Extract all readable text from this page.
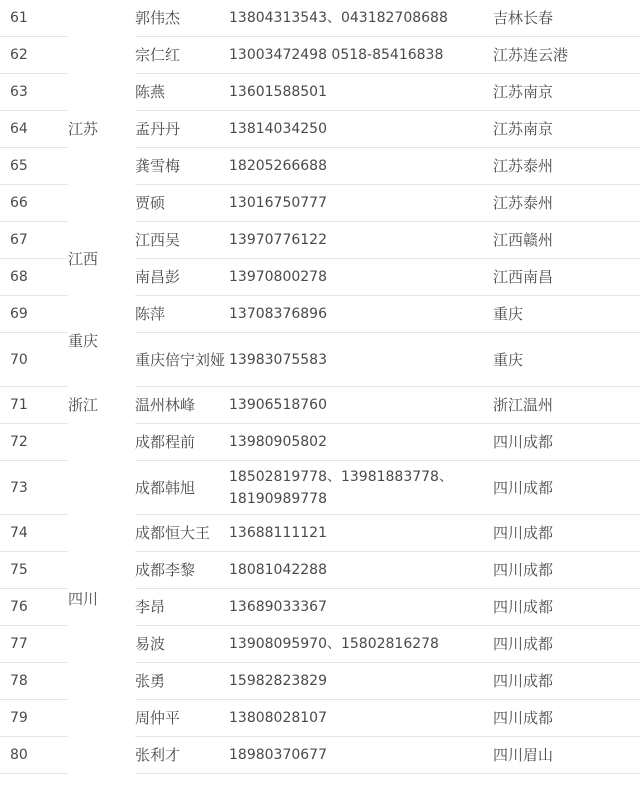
61		郭伟杰	13804313543、043182708688	吉林长春
62	江苏	宗仁红	13003472498 0518-85416838	江苏连云港
63		陈燕	13601588501	江苏南京
64		孟丹丹	13814034250	江苏南京
65		龚雪梅	18205266688	江苏泰州
66		贾硕	13016750777	江苏泰州
67	江西	江西吴	13970776122	江西赣州
68		南昌彭	13970800278	江西南昌
69	重庆	陈萍	13708376896	重庆
70		重庆倍宁刘娅	13983075583	重庆
71	浙江	温州林峰	13906518760	浙江温州
72	四川	成都程前	13980905802	四川成都
73		成都韩旭	18502819778、13981883778、18190989778	四川成都
74		成都恒大王	13688111121	四川成都
75		成都李黎	18081042288	四川成都
76		李昂	13689033367	四川成都
77		易波	13908095970、15802816278	四川成都
78		张勇	15982823829	四川成都
79		周仲平	13808028107	四川成都
80		张利才	18980370677	四川眉山
